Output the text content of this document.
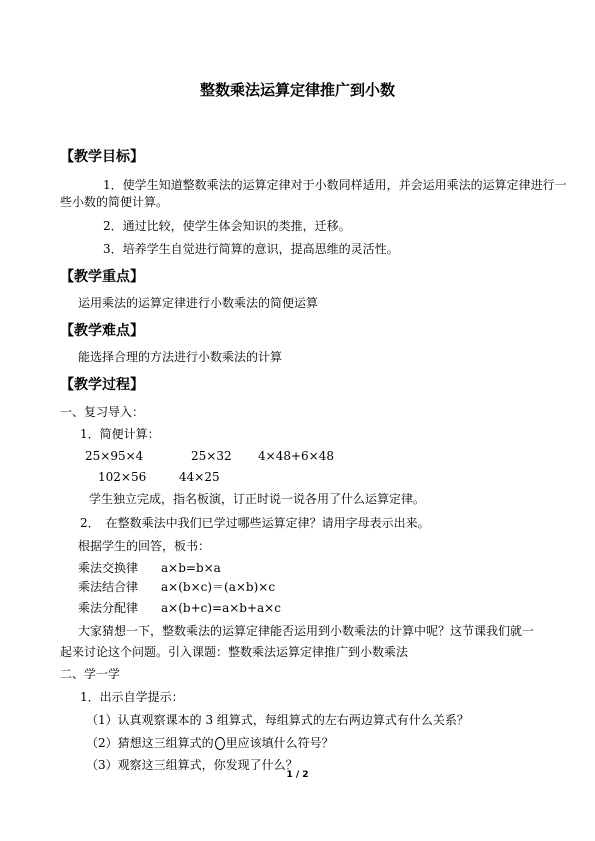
整数乘法运算定律推广到小数
【教学目标】
1．使学生知道整数乘法的运算定律对于小数同样适用，并会运用乘法的运算定律进行一
些小数的简便计算。
2．通过比较，使学生体会知识的类推，迁移。
3．培养学生自觉进行简算的意识，提高思维的灵活性。
【教学重点】
运用乘法的运算定律进行小数乘法的简便运算
【教学难点】
能选择合理的方法进行小数乘法的计算
【教学过程】
一、复习导入：
1．简便计算：
25×95×4	25×32 4×48+6×48
102×56	44×25
学生独立完成，指名板演，订正时说一说各用了什么运算定律。
2．　在整数乘法中我们已学过哪些运算定律？请用字母表示出来。
根据学生的回答，板书：
乘法交换律 a×b=b×a
乘法结合律 a×(b×c)＝(a×b)×c
乘法分配律 a×(b+c)=a×b+a×c
大家猜想一下，整数乘法的运算定律能否运用到小数乘法的计算中呢？这节课我们就一
起来讨论这个问题。引入课题：整数乘法运算定律推广到小数乘法
二、学一学
1．出示自学提示：
（1）认真观察课本的 3 组算式，每组算式的左右两边算式有什么关系？
（2）猜想这三组算式的 里应该填什么符号？
（3）观察这三组算式，你发现了什么？
1 / 2
